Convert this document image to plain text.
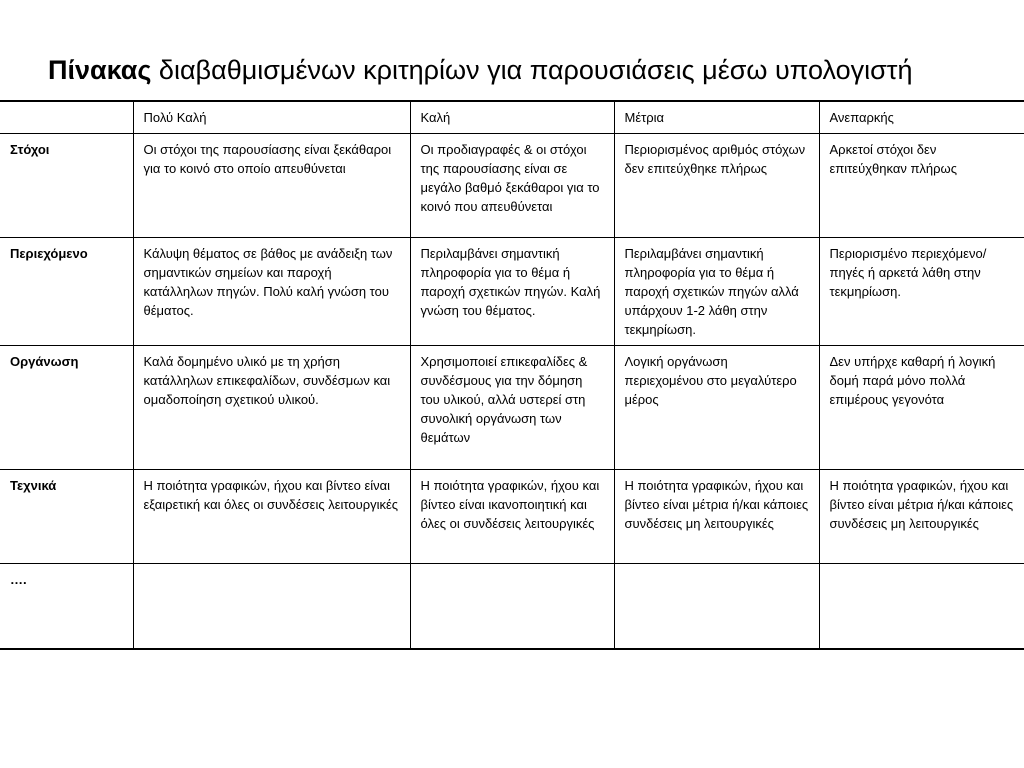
Πίνακας διαβαθμισμένων κριτηρίων για παρουσιάσεις μέσω υπολογιστή
	Πολύ Καλή	Καλή	Μέτρια	Ανεπαρκής
Στόχοι	Οι στόχοι της παρουσίασης είναι ξεκάθαροι για το κοινό στο οποίο απευθύνεται	Οι προδιαγραφές & οι στόχοι της παρουσίασης είναι σε μεγάλο βαθμό ξεκάθαροι για το κοινό που απευθύνεται	Περιορισμένος αριθμός στόχων δεν επιτεύχθηκε πλήρως	Αρκετοί στόχοι δεν επιτεύχθηκαν πλήρως
Περιεχόμενο	Κάλυψη θέματος σε βάθος με ανάδειξη των σημαντικών σημείων και παροχή κατάλληλων πηγών. Πολύ καλή γνώση του θέματος.	Περιλαμβάνει σημαντική πληροφορία για το θέμα ή παροχή σχετικών πηγών. Καλή γνώση του θέματος.	Περιλαμβάνει σημαντική πληροφορία για το θέμα ή παροχή σχετικών πηγών αλλά υπάρχουν 1-2 λάθη στην τεκμηρίωση.	Περιορισμένο περιεχόμενο/πηγές ή αρκετά λάθη στην τεκμηρίωση.
Οργάνωση	Καλά δομημένο υλικό με τη χρήση κατάλληλων επικεφαλίδων, συνδέσμων και ομαδοποίηση σχετικού υλικού.	Χρησιμοποιεί επικεφαλίδες & συνδέσμους για την δόμηση του υλικού, αλλά υστερεί στη συνολική οργάνωση των θεμάτων	Λογική οργάνωση περιεχομένου στο μεγαλύτερο μέρος	Δεν υπήρχε καθαρή ή λογική δομή παρά μόνο πολλά επιμέρους γεγονότα
Τεχνικά	Η ποιότητα γραφικών, ήχου και βίντεο είναι εξαιρετική και όλες οι συνδέσεις λειτουργικές	Η ποιότητα γραφικών, ήχου και βίντεο είναι ικανοποιητική και όλες οι συνδέσεις λειτουργικές	Η ποιότητα γραφικών, ήχου και βίντεο είναι μέτρια ή/και κάποιες συνδέσεις μη λειτουργικές	Η ποιότητα γραφικών, ήχου και βίντεο είναι μέτρια ή/και κάποιες συνδέσεις μη λειτουργικές
….				
